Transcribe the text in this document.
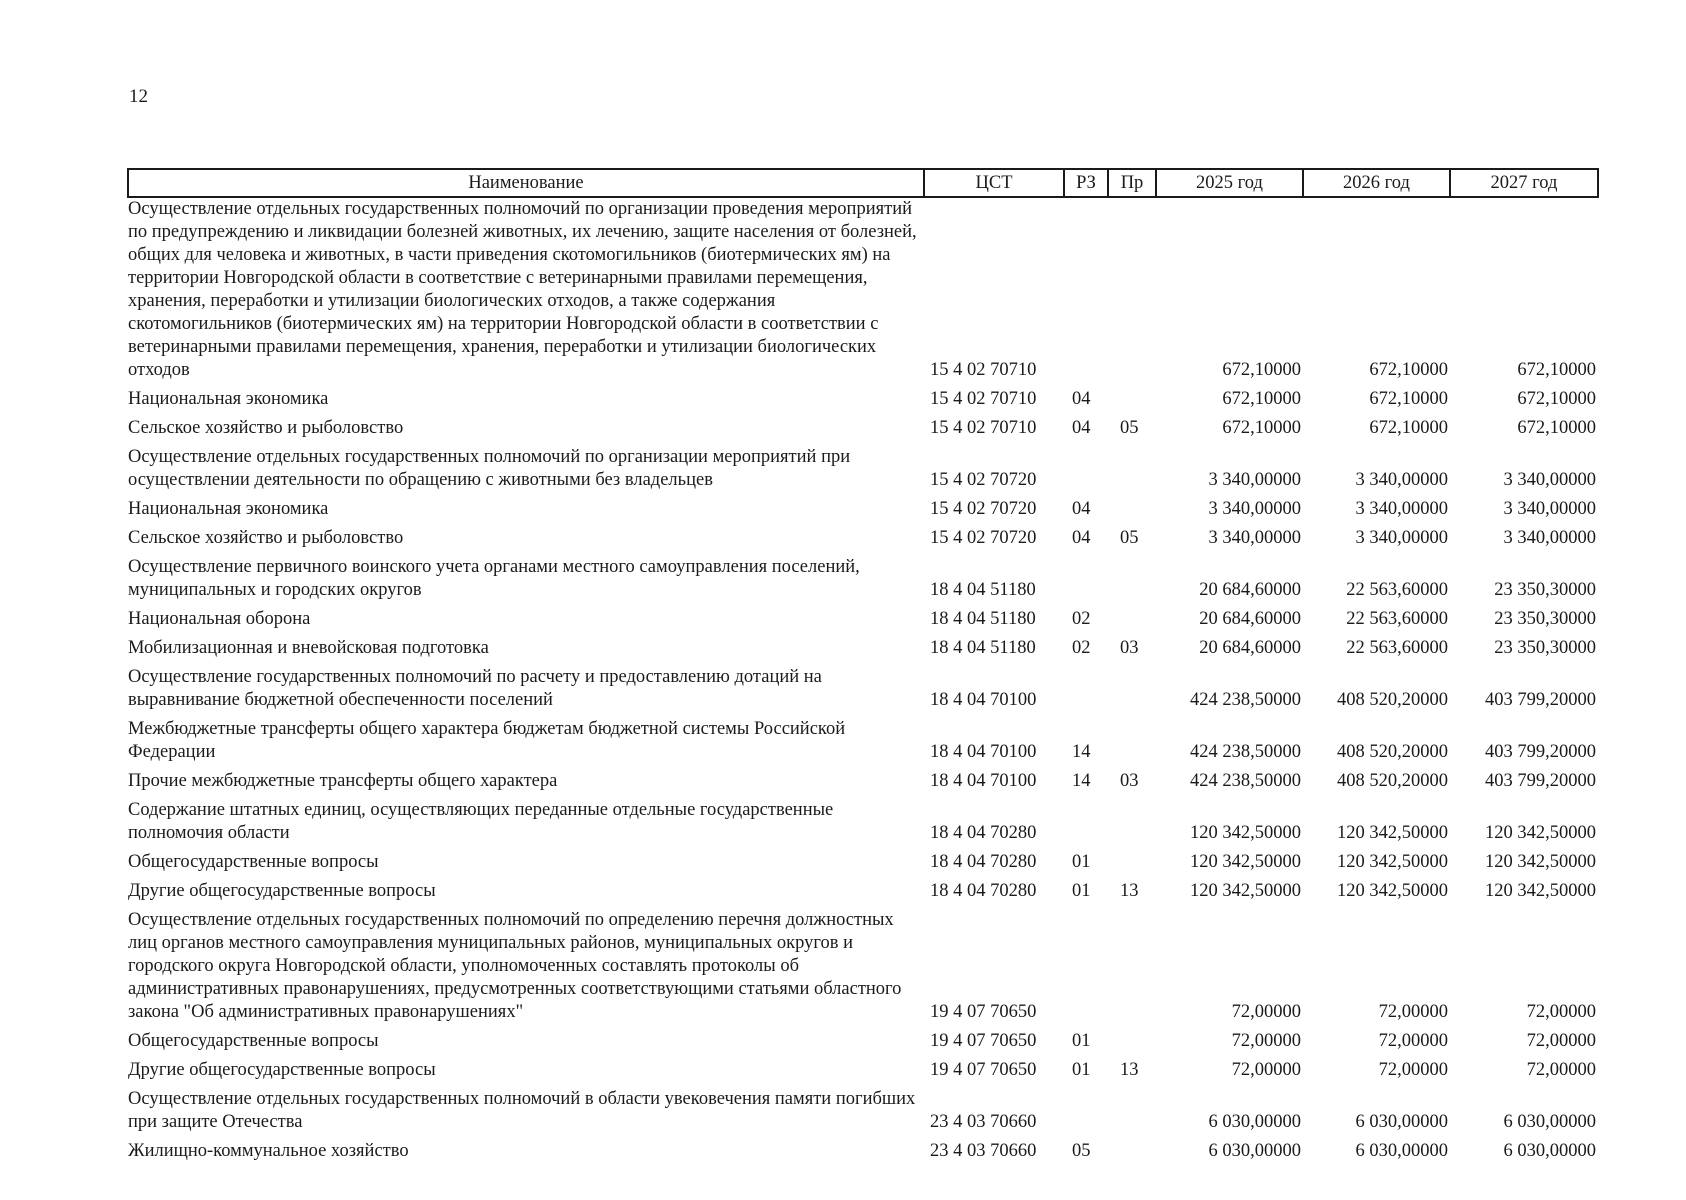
12
Наименование	ЦСТ	РЗ	Пр	2025 год	2026 год	2027 год
Осуществление отдельных государственных полномочий по организации проведения мероприятий по предупреждению и ликвидации болезней животных, их лечению, защите населения от болезней, общих для человека и животных, в части приведения скотомогильников (биотермических ям) на территории Новгородской области в соответствие с ветеринарными правилами перемещения, хранения, переработки и утилизации биологических отходов, а также содержания скотомогильников (биотермических ям) на территории Новгородской области в соответствии с ветеринарными правилами перемещения, хранения, переработки и утилизации биологических отходов	15 4 02 70710			672,10000	672,10000	672,10000
Национальная экономика	15 4 02 70710	04		672,10000	672,10000	672,10000
Сельское хозяйство и рыболовство	15 4 02 70710	04	05	672,10000	672,10000	672,10000
Осуществление отдельных государственных полномочий по организации мероприятий при осуществлении деятельности по обращению с животными без владельцев	15 4 02 70720			3 340,00000	3 340,00000	3 340,00000
Национальная экономика	15 4 02 70720	04		3 340,00000	3 340,00000	3 340,00000
Сельское хозяйство и рыболовство	15 4 02 70720	04	05	3 340,00000	3 340,00000	3 340,00000
Осуществление первичного воинского учета органами местного самоуправления поселений, муниципальных и городских округов	18 4 04 51180			20 684,60000	22 563,60000	23 350,30000
Национальная оборона	18 4 04 51180	02		20 684,60000	22 563,60000	23 350,30000
Мобилизационная и вневойсковая подготовка	18 4 04 51180	02	03	20 684,60000	22 563,60000	23 350,30000
Осуществление государственных полномочий по расчету и предоставлению дотаций на выравнивание бюджетной обеспеченности поселений	18 4 04 70100			424 238,50000	408 520,20000	403 799,20000
Межбюджетные трансферты общего характера бюджетам бюджетной системы Российской Федерации	18 4 04 70100	14		424 238,50000	408 520,20000	403 799,20000
Прочие межбюджетные трансферты общего характера	18 4 04 70100	14	03	424 238,50000	408 520,20000	403 799,20000
Содержание штатных единиц, осуществляющих переданные отдельные государственные полномочия области	18 4 04 70280			120 342,50000	120 342,50000	120 342,50000
Общегосударственные вопросы	18 4 04 70280	01		120 342,50000	120 342,50000	120 342,50000
Другие общегосударственные вопросы	18 4 04 70280	01	13	120 342,50000	120 342,50000	120 342,50000
Осуществление отдельных государственных полномочий по определению перечня должностных лиц органов местного самоуправления муниципальных районов, муниципальных округов и городского округа Новгородской области, уполномоченных составлять протоколы об административных правонарушениях, предусмотренных соответствующими статьями областного закона "Об административных правонарушениях"	19 4 07 70650			72,00000	72,00000	72,00000
Общегосударственные вопросы	19 4 07 70650	01		72,00000	72,00000	72,00000
Другие общегосударственные вопросы	19 4 07 70650	01	13	72,00000	72,00000	72,00000
Осуществление отдельных государственных полномочий в области увековечения памяти погибших при защите Отечества	23 4 03 70660			6 030,00000	6 030,00000	6 030,00000
Жилищно-коммунальное хозяйство	23 4 03 70660	05		6 030,00000	6 030,00000	6 030,00000
